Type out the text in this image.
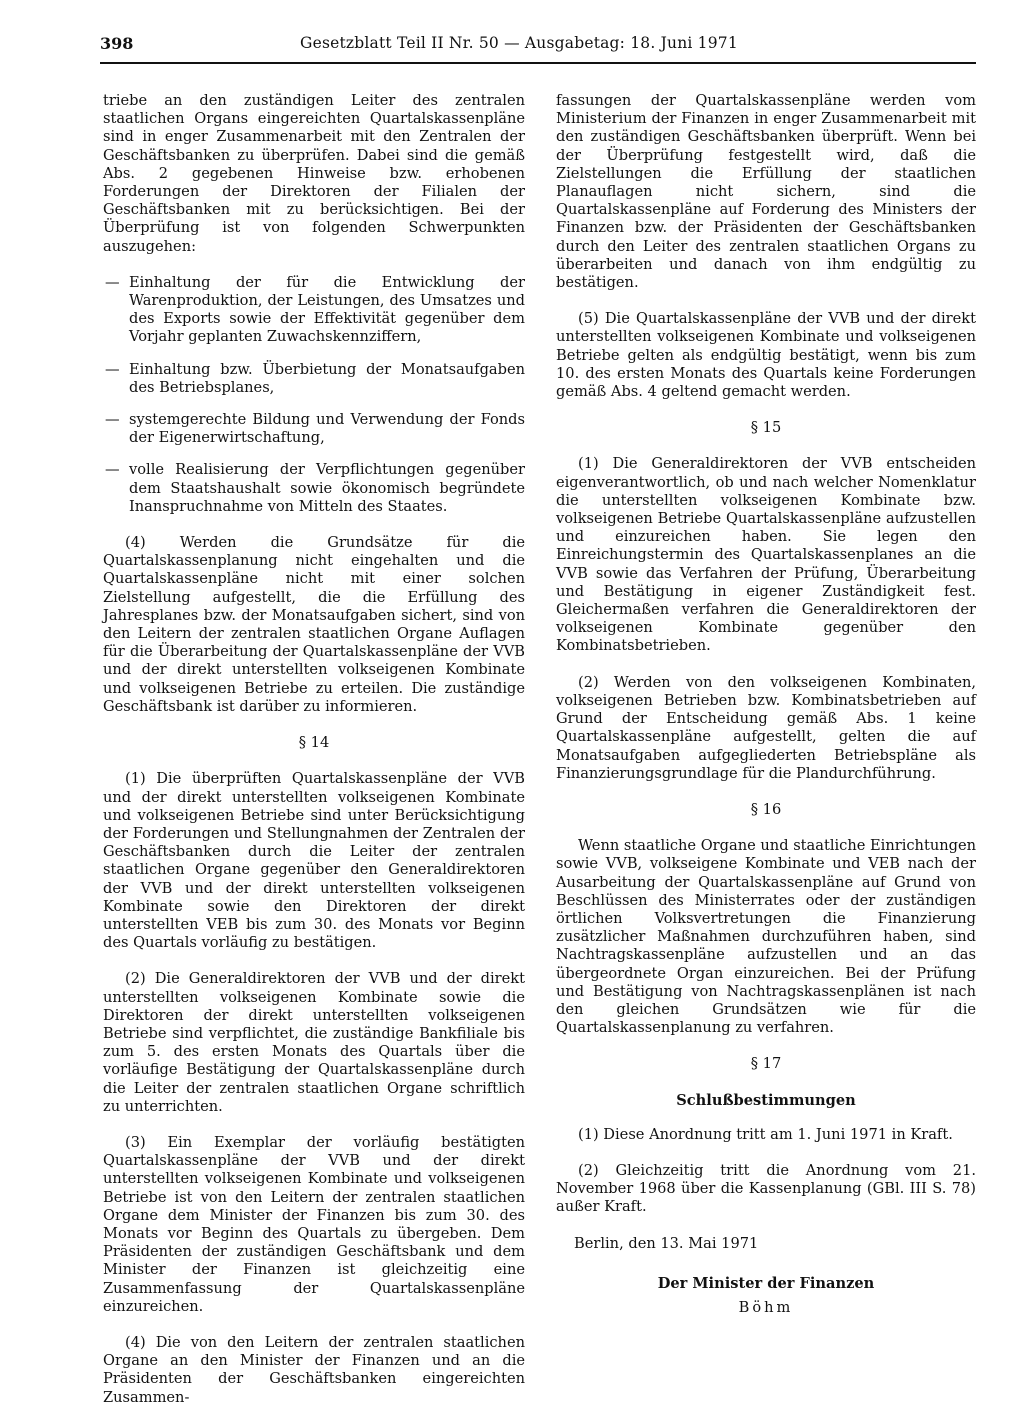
398	Gesetzblatt Teil II Nr. 50 — Ausgabetag: 18. Juni 1971

triebe an den zuständigen Leiter des zentralen staatlichen Organs eingereichten Quartalskassenpläne sind in enger Zusammenarbeit mit den Zentralen der Geschäftsbanken zu überprüfen. Dabei sind die gemäß Abs. 2 gegebenen Hinweise bzw. erhobenen Forderungen der Direktoren der Filialen der Geschäftsbanken mit zu berücksichtigen. Bei der Überprüfung ist von folgenden Schwerpunkten auszugehen:

— Einhaltung der für die Entwicklung der Warenproduktion, der Leistungen, des Umsatzes und des Exports sowie der Effektivität gegenüber dem Vorjahr geplanten Zuwachskennziffern,
— Einhaltung bzw. Überbietung der Monatsaufgaben des Betriebsplanes,
— systemgerechte Bildung und Verwendung der Fonds der Eigenerwirtschaftung,
— volle Realisierung der Verpflichtungen gegenüber dem Staatshaushalt sowie ökonomisch begründete Inanspruchnahme von Mitteln des Staates.

(4) Werden die Grundsätze für die Quartalskassenplanung nicht eingehalten und die Quartalskassenpläne nicht mit einer solchen Zielstellung aufgestellt, die die Erfüllung des Jahresplanes bzw. der Monatsaufgaben sichert, sind von den Leitern der zentralen staatlichen Organe Auflagen für die Überarbeitung der Quartalskassenpläne der VVB und der direkt unterstellten volkseigenen Kombinate und volkseigenen Betriebe zu erteilen. Die zuständige Geschäftsbank ist darüber zu informieren.

§ 14

(1) Die überprüften Quartalskassenpläne der VVB und der direkt unterstellten volkseigenen Kombinate und volkseigenen Betriebe sind unter Berücksichtigung der Forderungen und Stellungnahmen der Zentralen der Geschäftsbanken durch die Leiter der zentralen staatlichen Organe gegenüber den Generaldirektoren der VVB und der direkt unterstellten volkseigenen Kombinate sowie den Direktoren der direkt unterstellten VEB bis zum 30. des Monats vor Beginn des Quartals vorläufig zu bestätigen.

(2) Die Generaldirektoren der VVB und der direkt unterstellten volkseigenen Kombinate sowie die Direktoren der direkt unterstellten volkseigenen Betriebe sind verpflichtet, die zuständige Bankfiliale bis zum 5. des ersten Monats des Quartals über die vorläufige Bestätigung der Quartalskassenpläne durch die Leiter der zentralen staatlichen Organe schriftlich zu unterrichten.

(3) Ein Exemplar der vorläufig bestätigten Quartalskassenpläne der VVB und der direkt unterstellten volkseigenen Kombinate und volkseigenen Betriebe ist von den Leitern der zentralen staatlichen Organe dem Minister der Finanzen bis zum 30. des Monats vor Beginn des Quartals zu übergeben. Dem Präsidenten der zuständigen Geschäftsbank und dem Minister der Finanzen ist gleichzeitig eine Zusammenfassung der Quartalskassenpläne einzureichen.

(4) Die von den Leitern der zentralen staatlichen Organe an den Minister der Finanzen und an die Präsidenten der Geschäftsbanken eingereichten Zusammen-

fassungen der Quartalskassenpläne werden vom Ministerium der Finanzen in enger Zusammenarbeit mit den zuständigen Geschäftsbanken überprüft. Wenn bei der Überprüfung festgestellt wird, daß die Zielstellungen die Erfüllung der staatlichen Planauflagen nicht sichern, sind die Quartalskassenpläne auf Forderung des Ministers der Finanzen bzw. der Präsidenten der Geschäftsbanken durch den Leiter des zentralen staatlichen Organs zu überarbeiten und danach von ihm endgültig zu bestätigen.

(5) Die Quartalskassenpläne der VVB und der direkt unterstellten volkseigenen Kombinate und volkseigenen Betriebe gelten als endgültig bestätigt, wenn bis zum 10. des ersten Monats des Quartals keine Forderungen gemäß Abs. 4 geltend gemacht werden.

§ 15

(1) Die Generaldirektoren der VVB entscheiden eigenverantwortlich, ob und nach welcher Nomenklatur die unterstellten volkseigenen Kombinate bzw. volkseigenen Betriebe Quartalskassenpläne aufzustellen und einzureichen haben. Sie legen den Einreichungstermin des Quartalskassenplanes an die VVB sowie das Verfahren der Prüfung, Überarbeitung und Bestätigung in eigener Zuständigkeit fest. Gleichermaßen verfahren die Generaldirektoren der volkseigenen Kombinate gegenüber den Kombinatsbetrieben.

(2) Werden von den volkseigenen Kombinaten, volkseigenen Betrieben bzw. Kombinatsbetrieben auf Grund der Entscheidung gemäß Abs. 1 keine Quartalskassenpläne aufgestellt, gelten die auf Monatsaufgaben aufgegliederten Betriebspläne als Finanzierungsgrundlage für die Plandurchführung.

§ 16

Wenn staatliche Organe und staatliche Einrichtungen sowie VVB, volkseigene Kombinate und VEB nach der Ausarbeitung der Quartalskassenpläne auf Grund von Beschlüssen des Ministerrates oder der zuständigen örtlichen Volksvertretungen die Finanzierung zusätzlicher Maßnahmen durchzuführen haben, sind Nachtragskassenpläne aufzustellen und an das übergeordnete Organ einzureichen. Bei der Prüfung und Bestätigung von Nachtragskassenplänen ist nach den gleichen Grundsätzen wie für die Quartalskassenplanung zu verfahren.

§ 17
Schlußbestimmungen

(1) Diese Anordnung tritt am 1. Juni 1971 in Kraft.

(2) Gleichzeitig tritt die Anordnung vom 21. November 1968 über die Kassenplanung (GBl. III S. 78) außer Kraft.

Berlin, den 13. Mai 1971

Der Minister der Finanzen

Böhm
